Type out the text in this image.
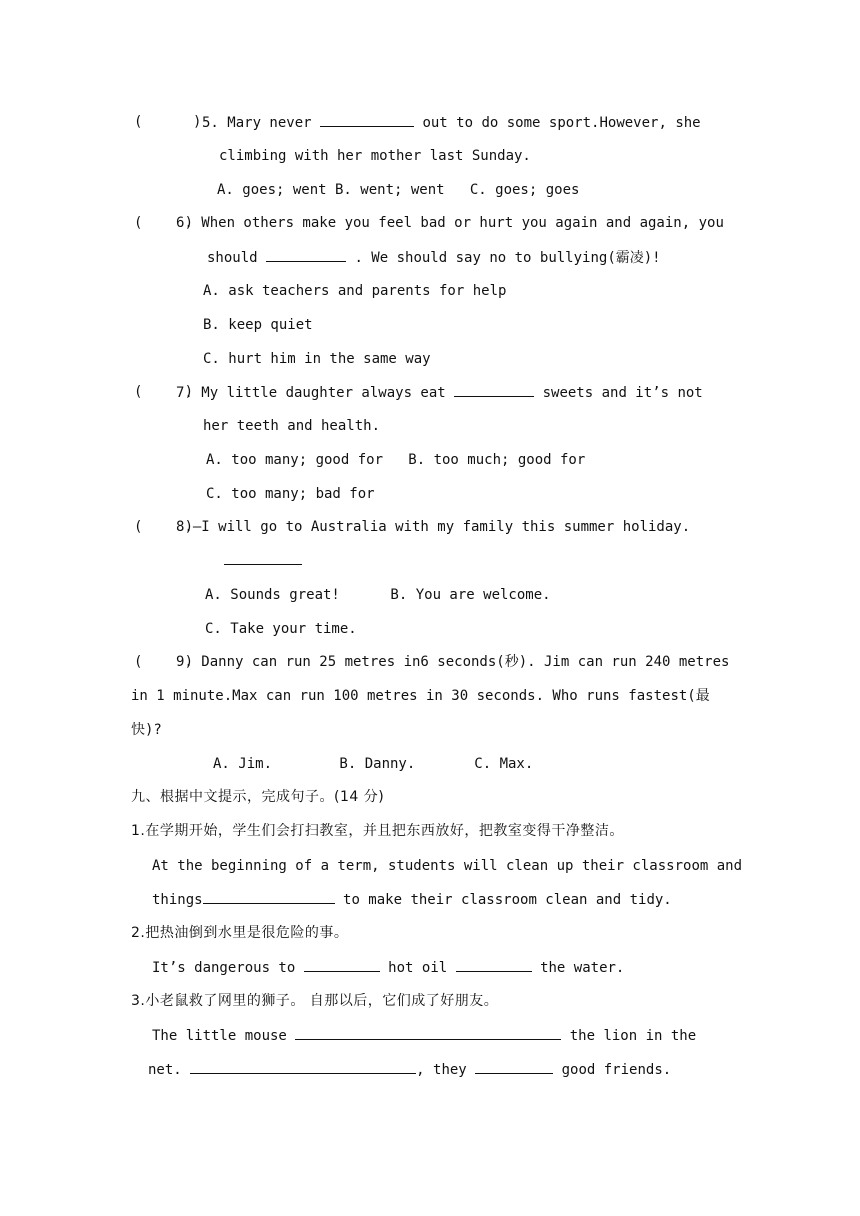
(      ) 5. Mary never	out to do some sport.However, she
climbing with her mother last Sunday.
A. goes; went B. went; went   C. goes; goes
(     )
6. When others make you feel bad or hurt you again and again, you
should	. We should say no to bullying(霸凌)!
A. ask teachers and parents for help
B. keep quiet
C. hurt him in the same way
(     )
7. My little daughter always eat	sweets and it’s not
her teeth and health.
A. too many; good for   B. too much; good for
C. too many; bad for
(     )
8.—I will go to Australia with my family this summer holiday.
A. Sounds great!      B. You are welcome.
C. Take your time.
(     )
9. Danny can run 25 metres in6 seconds(秒). Jim can run 240 metres
in 1 minute.Max can run 100 metres in 30 seconds. Who runs fastest(最
快)?
A. Jim.        B. Danny.       C. Max.
九、根据中文提示，完成句子。(14 分)
1.在学期开始，学生们会打扫教室，并且把东西放好，把教室变得干净整洁。
At the beginning of a term, students will clean up their classroom and
things	to make their classroom clean and tidy.
2.把热油倒到水里是很危险的事。
It’s dangerous to	hot oil	the water.
3.小老鼠救了网里的狮子。 自那以后，它们成了好朋友。
The little mouse	the lion in the
net.	, they	good friends.
